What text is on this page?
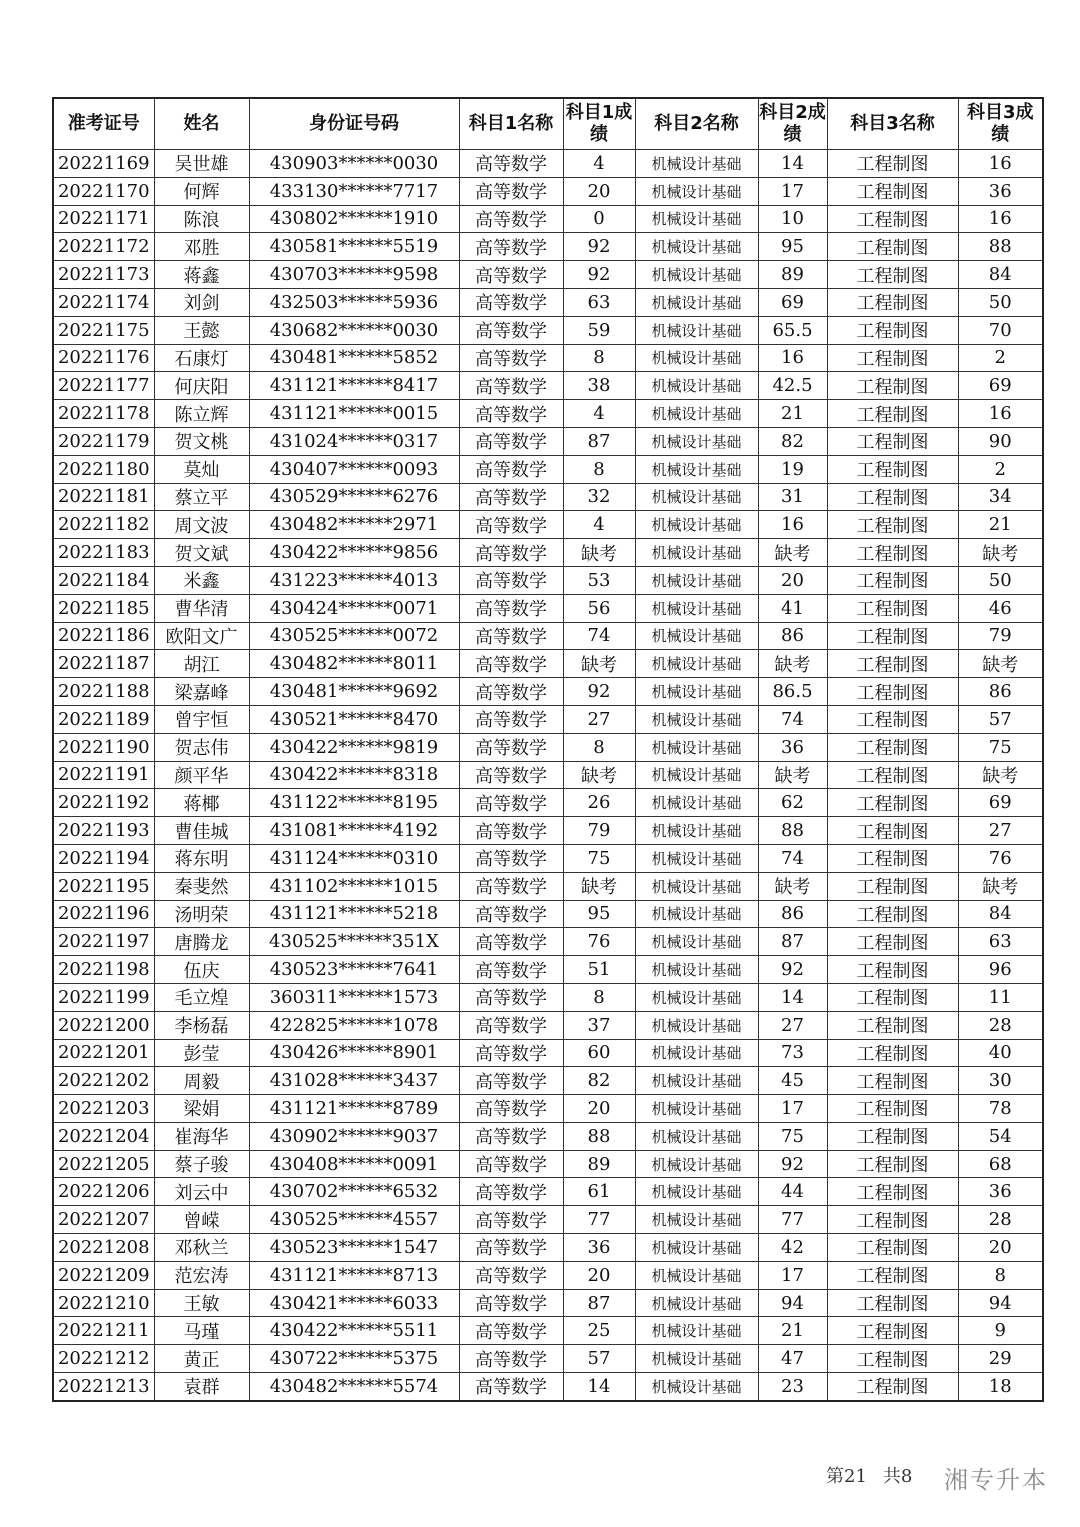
准考证号	姓名	身份证号码	科目1名称	科目1成绩	科目2名称	科目2成绩	科目3名称	科目3成绩
20221169	吴世雄	430903******0030	高等数学	4	机械设计基础	14	工程制图	16
20221170	何辉	433130******7717	高等数学	20	机械设计基础	17	工程制图	36
20221171	陈浪	430802******1910	高等数学	0	机械设计基础	10	工程制图	16
20221172	邓胜	430581******5519	高等数学	92	机械设计基础	95	工程制图	88
20221173	蒋鑫	430703******9598	高等数学	92	机械设计基础	89	工程制图	84
20221174	刘剑	432503******5936	高等数学	63	机械设计基础	69	工程制图	50
20221175	王懿	430682******0030	高等数学	59	机械设计基础	65.5	工程制图	70
20221176	石康灯	430481******5852	高等数学	8	机械设计基础	16	工程制图	2
20221177	何庆阳	431121******8417	高等数学	38	机械设计基础	42.5	工程制图	69
20221178	陈立辉	431121******0015	高等数学	4	机械设计基础	21	工程制图	16
20221179	贺文桃	431024******0317	高等数学	87	机械设计基础	82	工程制图	90
20221180	莫灿	430407******0093	高等数学	8	机械设计基础	19	工程制图	2
20221181	蔡立平	430529******6276	高等数学	32	机械设计基础	31	工程制图	34
20221182	周文波	430482******2971	高等数学	4	机械设计基础	16	工程制图	21
20221183	贺文斌	430422******9856	高等数学	缺考	机械设计基础	缺考	工程制图	缺考
20221184	米鑫	431223******4013	高等数学	53	机械设计基础	20	工程制图	50
20221185	曹华清	430424******0071	高等数学	56	机械设计基础	41	工程制图	46
20221186	欧阳文广	430525******0072	高等数学	74	机械设计基础	86	工程制图	79
20221187	胡江	430482******8011	高等数学	缺考	机械设计基础	缺考	工程制图	缺考
20221188	梁嘉峰	430481******9692	高等数学	92	机械设计基础	86.5	工程制图	86
20221189	曾宇恒	430521******8470	高等数学	27	机械设计基础	74	工程制图	57
20221190	贺志伟	430422******9819	高等数学	8	机械设计基础	36	工程制图	75
20221191	颜平华	430422******8318	高等数学	缺考	机械设计基础	缺考	工程制图	缺考
20221192	蒋椰	431122******8195	高等数学	26	机械设计基础	62	工程制图	69
20221193	曹佳城	431081******4192	高等数学	79	机械设计基础	88	工程制图	27
20221194	蒋东明	431124******0310	高等数学	75	机械设计基础	74	工程制图	76
20221195	秦斐然	431102******1015	高等数学	缺考	机械设计基础	缺考	工程制图	缺考
20221196	汤明荣	431121******5218	高等数学	95	机械设计基础	86	工程制图	84
20221197	唐腾龙	430525******351X	高等数学	76	机械设计基础	87	工程制图	63
20221198	伍庆	430523******7641	高等数学	51	机械设计基础	92	工程制图	96
20221199	毛立煌	360311******1573	高等数学	8	机械设计基础	14	工程制图	11
20221200	李杨磊	422825******1078	高等数学	37	机械设计基础	27	工程制图	28
20221201	彭莹	430426******8901	高等数学	60	机械设计基础	73	工程制图	40
20221202	周毅	431028******3437	高等数学	82	机械设计基础	45	工程制图	30
20221203	梁娟	431121******8789	高等数学	20	机械设计基础	17	工程制图	78
20221204	崔海华	430902******9037	高等数学	88	机械设计基础	75	工程制图	54
20221205	蔡子骏	430408******0091	高等数学	89	机械设计基础	92	工程制图	68
20221206	刘云中	430702******6532	高等数学	61	机械设计基础	44	工程制图	36
20221207	曾嵘	430525******4557	高等数学	77	机械设计基础	77	工程制图	28
20221208	邓秋兰	430523******1547	高等数学	36	机械设计基础	42	工程制图	20
20221209	范宏涛	431121******8713	高等数学	20	机械设计基础	17	工程制图	8
20221210	王敏	430421******6033	高等数学	87	机械设计基础	94	工程制图	94
20221211	马瑾	430422******5511	高等数学	25	机械设计基础	21	工程制图	9
20221212	黄正	430722******5375	高等数学	57	机械设计基础	47	工程制图	29
20221213	袁群	430482******5574	高等数学	14	机械设计基础	23	工程制图	18
第21 共8	湘专升本
